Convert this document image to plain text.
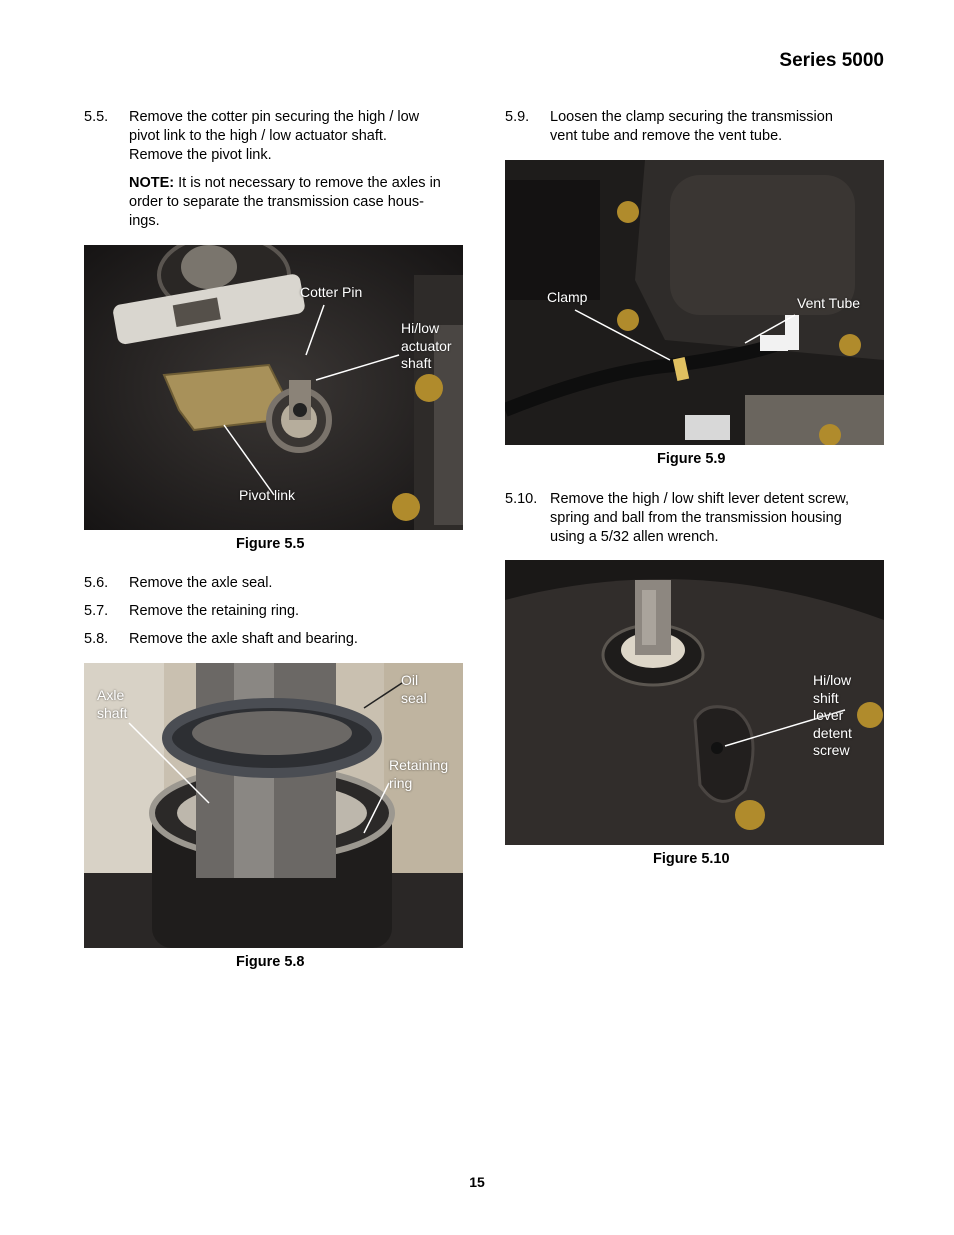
Series 5000
5.5. Remove the cotter pin securing the high / low
pivot link to the high / low actuator shaft.
Remove the pivot link.
NOTE: It is not necessary to remove the axles in
order to separate the transmission case hous-
ings.
Cotter Pin
Hi/low
actuator
shaft
Pivot link
Figure 5.5
5.6. Remove the axle seal.
5.7. Remove the retaining ring.
5.8. Remove the axle shaft and bearing.
Axle
shaft
Oil
seal
Retaining
ring
Figure 5.8
5.9. Loosen the clamp securing the transmission
vent tube and remove the vent tube.
Clamp	Vent Tube
Figure 5.9
5.10. Remove the high / low shift lever detent screw,
spring and ball from the transmission housing
using a 5/32 allen wrench.
Hi/low
shift
lever
detent
screw
Figure 5.10
15
